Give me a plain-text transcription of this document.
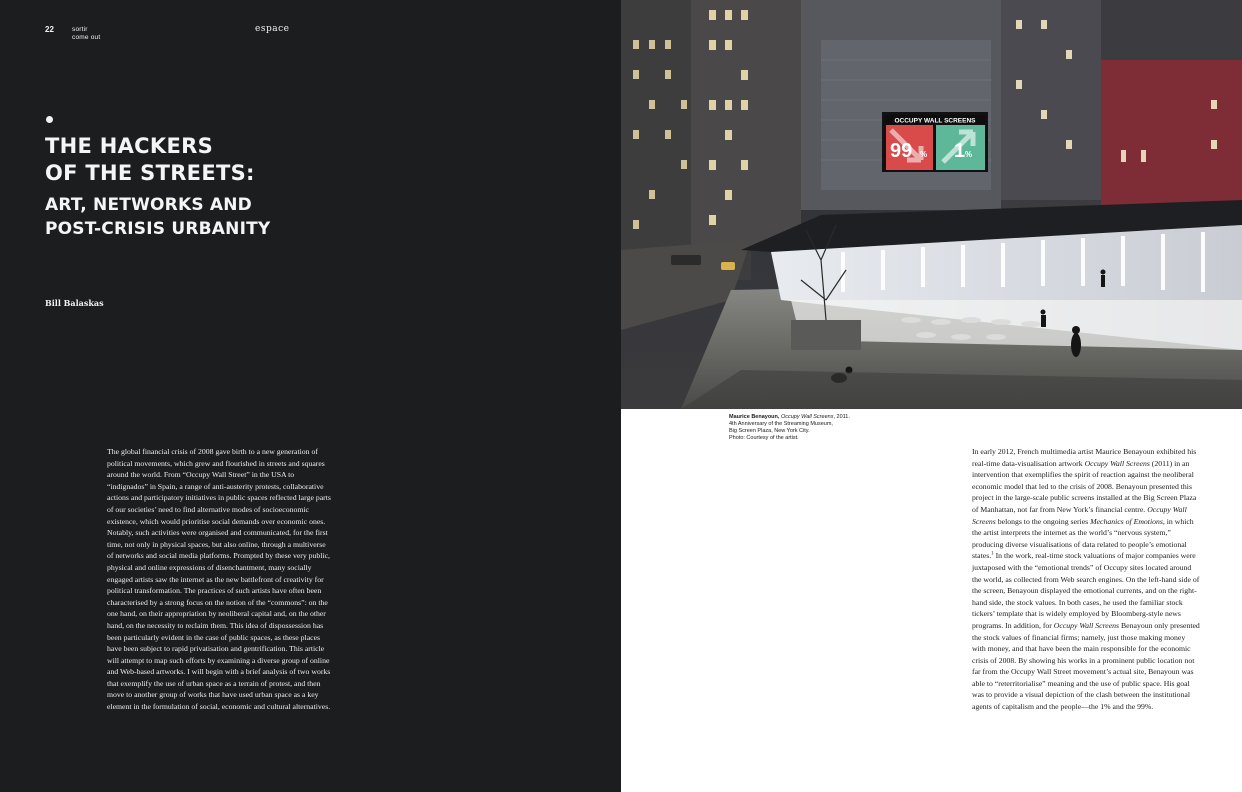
22	sortir
come out
espace
THE HACKERS
OF THE STREETS:
ART, NETWORKS AND
POST-CRISIS URBANITY
Bill Balaskas

The global financial crisis of 2008 gave birth to a new generation of political movements, which grew and flourished in streets and squares around the world. From “Occupy Wall Street” in the USA to “indignados” in Spain, a range of anti-austerity protests, collaborative actions and participatory initiatives in public spaces reflected large parts of our societies’ need to find alternative modes of socioeconomic existence, which would prioritise social demands over economic ones. Notably, such activities were organised and communicated, for the first time, not only in physical spaces, but also online, through a multiverse of networks and social media platforms. Prompted by these very public, physical and online expressions of disenchantment, many socially engaged artists saw the internet as the new battlefront of creativity for political transformation. The practices of such artists have often been characterised by a strong focus on the notion of the “commons”: on the one hand, on their appropriation by neoliberal capital and, on the other hand, on the necessity to reclaim them. This idea of dispossession has been particularly evident in the case of public spaces, as these places have been subject to rapid privatisation and gentrification. This article will attempt to map such efforts by examining a diverse group of online and Web-based artworks. I will begin with a brief analysis of two works that exemplify the use of urban space as a terrain of protest, and then move to another group of works that have used urban space as a key element in the formulation of social, economic and cultural alternatives.

OCCUPY WALL SCREENS
99 % 1 %
Maurice Benayoun, Occupy Wall Screens, 2011.
4th Anniversary of the Streaming Museum,
Big Screen Plaza, New York City.
Photo: Courtesy of the artist.

In early 2012, French multimedia artist Maurice Benayoun exhibited his real-time data-visualisation artwork Occupy Wall Screens (2011) in an intervention that exemplifies the spirit of reaction against the neoliberal economic model that led to the crisis of 2008. Benayoun presented this project in the large-scale public screens installed at the Big Screen Plaza of Manhattan, not far from New York’s financial centre. Occupy Wall Screens belongs to the ongoing series Mechanics of Emotions, in which the artist interprets the internet as the world’s “nervous system,” producing diverse visualisations of data related to people’s emotional states.$^1$ In the work, real-time stock valuations of major companies were juxtaposed with the “emotional trends” of Occupy sites located around the world, as collected from Web search engines. On the left-hand side of the screen, Benayoun displayed the emotional currents, and on the right-hand side, the stock values. In both cases, he used the familiar stock tickers’ template that is widely employed by Bloomberg-style news programs. In addition, for Occupy Wall Screens Benayoun only presented the stock values of financial firms; namely, just those making money with money, and that have been the main responsible for the economic crisis of 2008. By showing his works in a prominent public location not far from the Occupy Wall Street movement’s actual site, Benayoun was able to “reterritorialise” meaning and the use of public space. His goal was to provide a visual depiction of the clash between the institutional agents of capitalism and the people—the 1% and the 99%.
